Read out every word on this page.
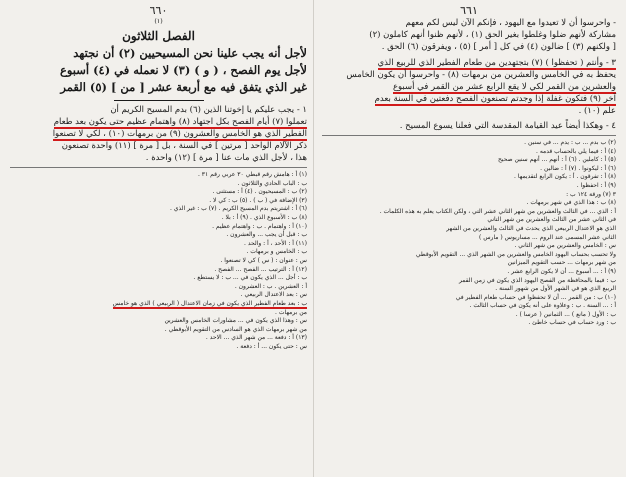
٦٦٠
(١)
الفصل الثلاثون

لأجل أنه يجب علينا نحن المسيحيين (٢) أن نجتهد

لأجل يوم الفصح ، ( و ) (٣) لا نعمله في (٤) أسبوع

غير الذي يتفق فيه مع أربعة عشر [ من ] (٥) القمر

١ - يجب عليكم يا إخوتنا الذين (٦) بدم المسيح الكريم أن

تعملوا (٧) أيام الفصح بكل اجتهاد (٨) واهتمام عظيم حتى يكون بعد طعام

الفطير الذي هو الخامس والعشرون (٩) من برمهات (١٠) ، لكي لا تصنعوا

ذكر الآلام الواحد [ مرتين ] في السنة ، بل [ مرة ] (١١) واحدة تصنعون

هذا ، لأجل الذي مات عنا [ مرة ] (١٢) واحدة .

(١) أ : هامش رقم قبطي ٣٠ عربي رقم ٣١ .

ب : الباب الحادي والثلاثون .

(٢) ب : المسيحيون . (٤) أ : مستثنى .

(٣) الإضافة في ( ب ) . (٥) ب : كي لا .

(٦) أ : اشتريتم بدم المسيح الكريم . (٧) ب : غير الذي .

(٨) ب : الأسبوع الذي . (٩) أ : بلا .

(١٠) أ : واهتمام . ب : واهتمام عظيم .

ب : قبل أن يجب ... والعشرون .

(١١) أ : الأحد ، أ : والحد .

ب : الخامس و برمهات .

س : عنوان : ( س ) كي لا تصنعوا .

(١٢) أ : الترتيب ... الفصح ... الفصح .

ب : أجل ... الذي يكون في ... ب : لا يستطع .

أ : العشرين . ب : العشرون .

س : بعد الاعتدال الربيعي .

ب : بعد طعام الفطير الذي يكون في زمان الاعتدال ( الربيعي ) الذي هو خامس

من برمهات .

س : وهذا الذي يكون في ... مشاورات الخامس والعشرين

من شهر برمهات الذي هو السادس من التقويم الأبوقطي .

(١٣) أ : دفعة ... من شهر الذي ... الاحد .

س : حتى يكون ... أ : دفعة .

٦٦١

- واحرسوا أن لا تعيدوا مع اليهود ، فإنكم الآن ليس لكم معهم

مشاركة لأنهم ضلوا وغلطوا بغير الحق (١) ، لأنهم ظنوا أنهم كاملون (٢)

[ ولكنهم (٣) ] ضالون (٤) في كل [ أمر ] (٥) ، ويفرقون (٦) الحق .

٣ - وأنتم ( تحفظوا ) (٧) بتجتهدين من طعام الفطير الذي للربيع الذي

يحفظ به في الخامس والعشرين من برمهات (٨) - واحرسوا أن يكون الخامس

والعشرين من القمر لكي لا يقع الرابع عشر من القمر في أسبوع

آخر (٩) فتكون غفلة إذا وجدتم تصنعون الفصح دفعتين في السنة بعدم

علم (١٠) .

٤ - وهكذا أيضاً عيد القيامة المقدسة التي فعلنا يسوع المسيح .

(٢) ب بدم ... ب : يدم ... في سنين .

(٤) أ : فيما يلي بالحساب قدمه .

(٥) أ : كاملين . (٦) أ : أنهم ... أنهم سنين صحيح

(٦) أ : ليكونوا . (٧) أ : ضالين .

(٨) أ : تفرقون . أ : يكون الرابع لتقديمها .

(٩) أ : احفظوا .

٣ (٧) ورقة ١٢٤ ب :

(٨) ب : هذا الذي في شهر برمهات .

أ : الذي ... في الثالث والعشرين من شهر الثاني عشر التي ، ولكن الكتاب يعلم به هذه الكلمات .

في الثاني عشر من الثالث والعشرين من شهر التاني

الذي هو الاعتدال الربيعي الذي يحدث في الثالث والعشرين من الشهر

الثاني عشر المسمى عند الروم ... مساريوس ( مارس )

س : الخامس والعشرين من شهر الثاني .

ولا تحسب بحساب اليهود الخامس والعشرين من الشهر الذي ... التقويم الأبوقطي

من شهر برمهات ... حسب التقويم الميزانين

(٩) أ : ... أسبوع ... أن لا يكون الرابع عشر .

ب : فيما بالمحافظة من الفصح اليهود الذي يكون في زمن القمر

الربيع الذي هو في الشهر الأول من شهور السنة .

(١٠) ب : من القمر ... أن لا تحفظوا في حساب طعام الفطير في

أ : ... السنة . ب : وعلاوة على أنه يكون في حساب الثالث .

ب : الأول ( مانع ) ... الثمانين ( عرسا ) .

ب : ورد حساب في حساب خاطئ .
